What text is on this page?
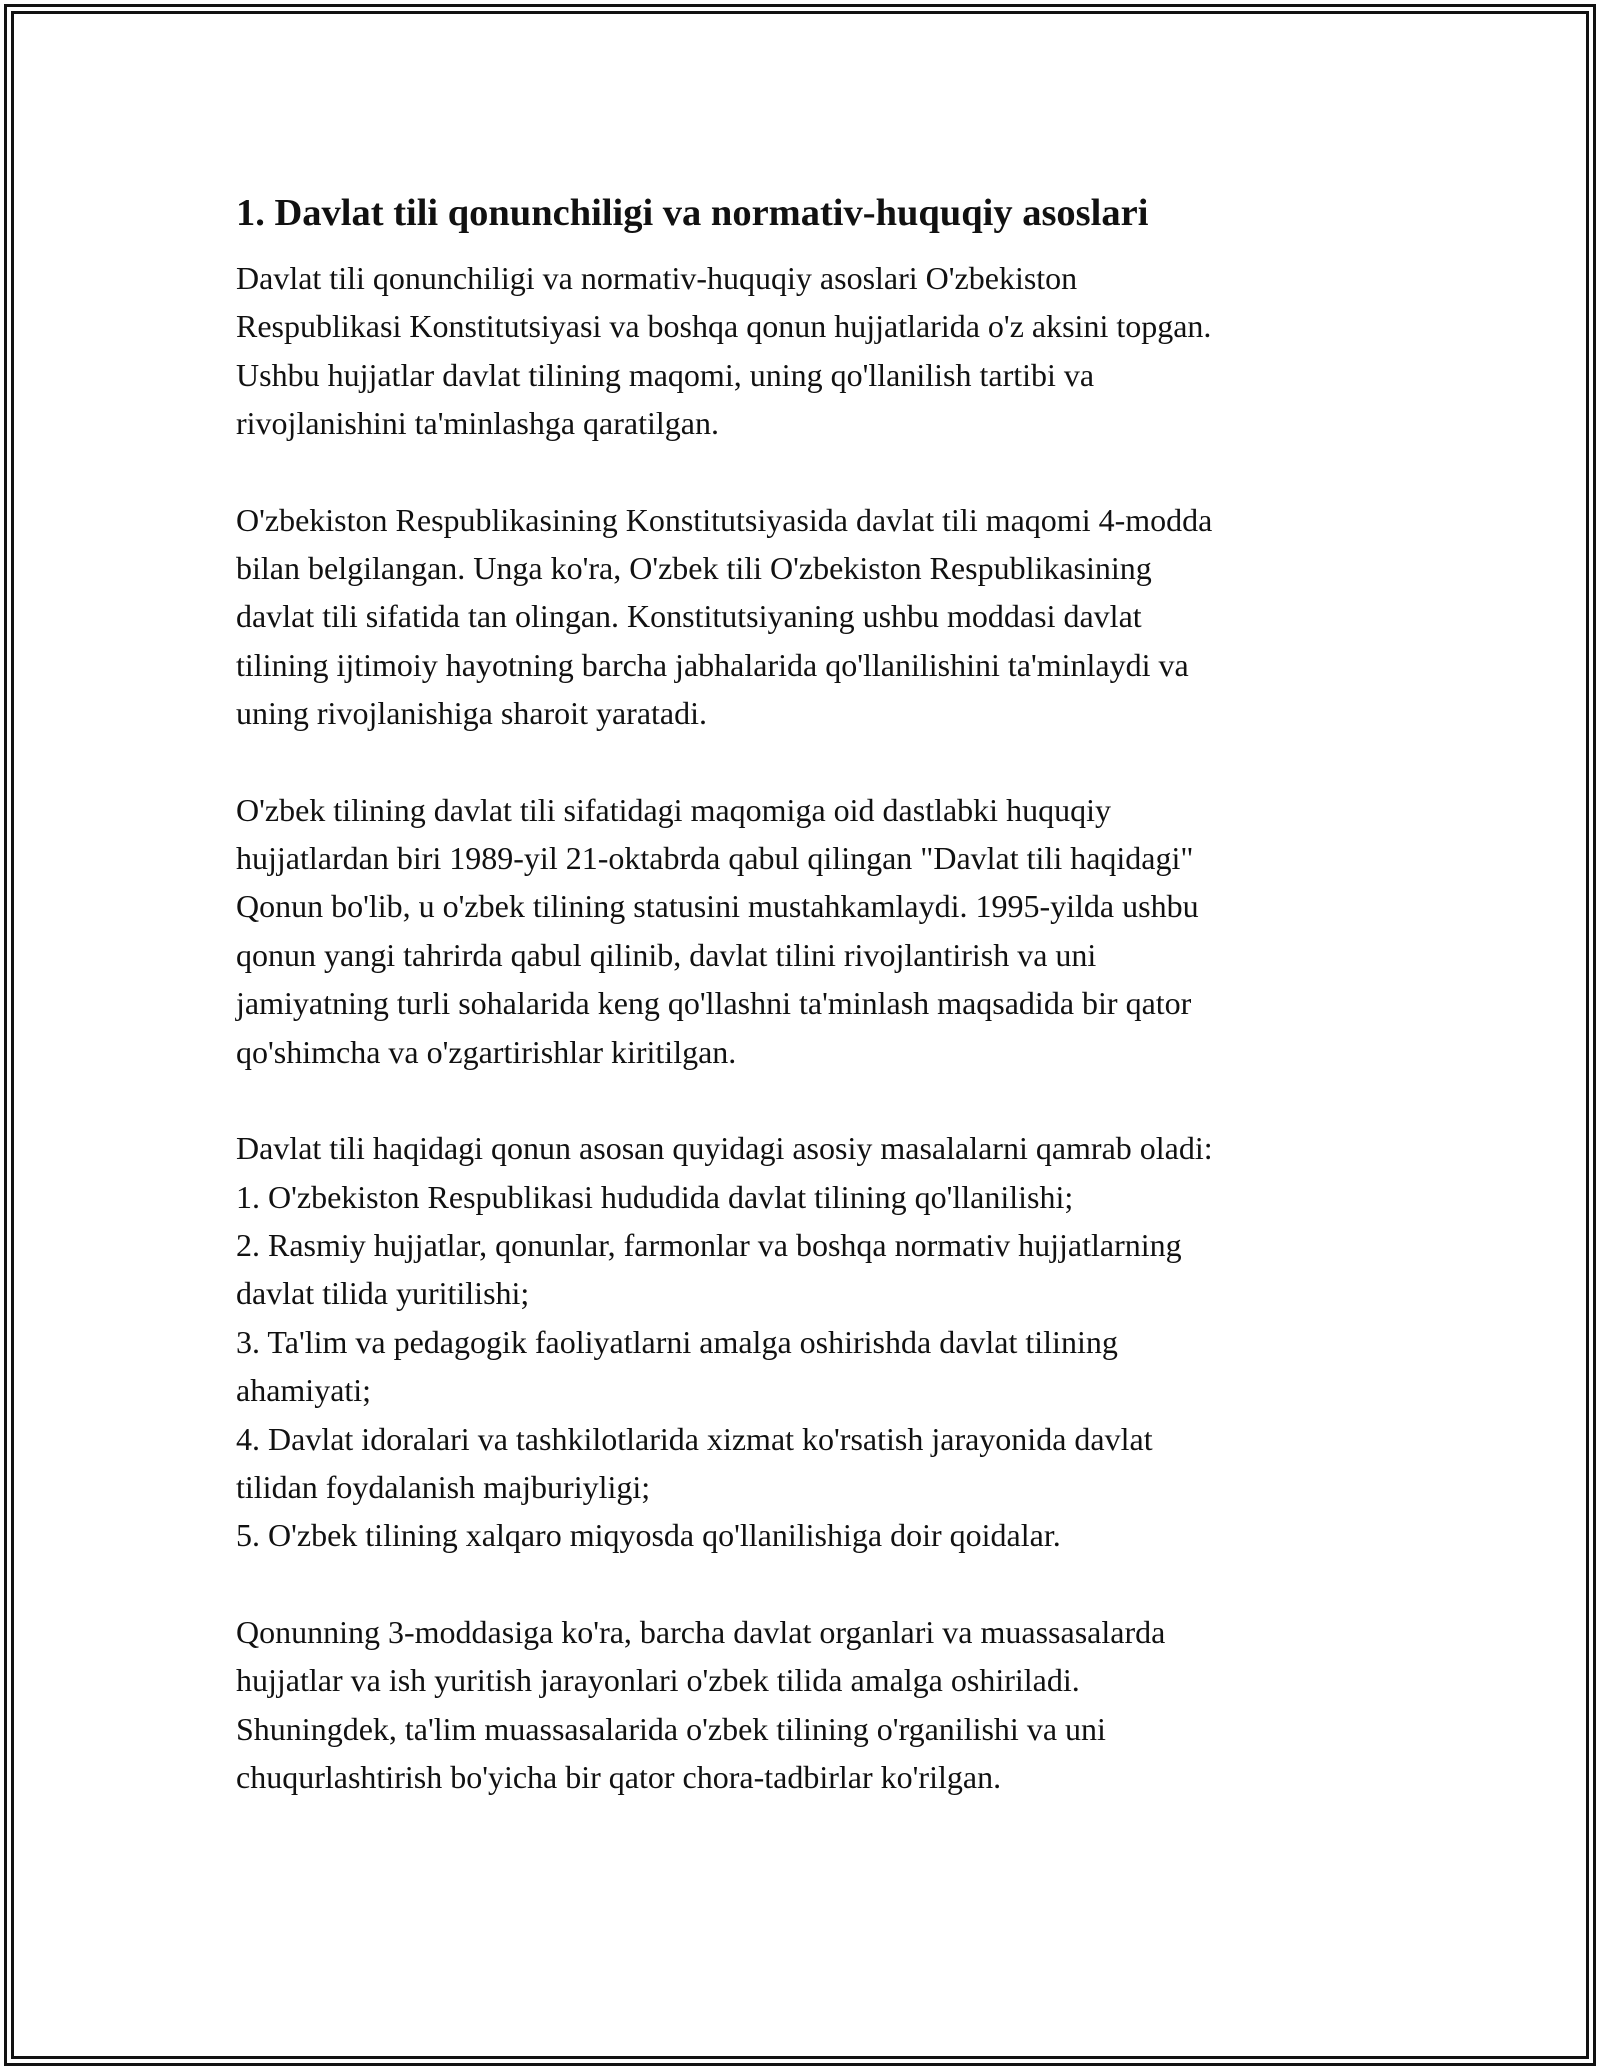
1. Davlat tili qonunchiligi va normativ-huquqiy asoslari

Davlat tili qonunchiligi va normativ-huquqiy asoslari O'zbekiston
Respublikasi Konstitutsiyasi va boshqa qonun hujjatlarida o'z aksini topgan.
Ushbu hujjatlar davlat tilining maqomi, uning qo'llanilish tartibi va
rivojlanishini ta'minlashga qaratilgan.

O'zbekiston Respublikasining Konstitutsiyasida davlat tili maqomi 4-modda
bilan belgilangan. Unga ko'ra, O'zbek tili O'zbekiston Respublikasining
davlat tili sifatida tan olingan. Konstitutsiyaning ushbu moddasi davlat
tilining ijtimoiy hayotning barcha jabhalarida qo'llanilishini ta'minlaydi va
uning rivojlanishiga sharoit yaratadi.

O'zbek tilining davlat tili sifatidagi maqomiga oid dastlabki huquqiy
hujjatlardan biri 1989-yil 21-oktabrda qabul qilingan "Davlat tili haqidagi"
Qonun bo'lib, u o'zbek tilining statusini mustahkamlaydi. 1995-yilda ushbu
qonun yangi tahrirda qabul qilinib, davlat tilini rivojlantirish va uni
jamiyatning turli sohalarida keng qo'llashni ta'minlash maqsadida bir qator
qo'shimcha va o'zgartirishlar kiritilgan.

Davlat tili haqidagi qonun asosan quyidagi asosiy masalalarni qamrab oladi:
1. O'zbekiston Respublikasi hududida davlat tilining qo'llanilishi;
2. Rasmiy hujjatlar, qonunlar, farmonlar va boshqa normativ hujjatlarning
davlat tilida yuritilishi;
3. Ta'lim va pedagogik faoliyatlarni amalga oshirishda davlat tilining
ahamiyati;
4. Davlat idoralari va tashkilotlarida xizmat ko'rsatish jarayonida davlat
tilidan foydalanish majburiyligi;
5. O'zbek tilining xalqaro miqyosda qo'llanilishiga doir qoidalar.

Qonunning 3-moddasiga ko'ra, barcha davlat organlari va muassasalarda
hujjatlar va ish yuritish jarayonlari o'zbek tilida amalga oshiriladi.
Shuningdek, ta'lim muassasalarida o'zbek tilining o'rganilishi va uni
chuqurlashtirish bo'yicha bir qator chora-tadbirlar ko'rilgan.
